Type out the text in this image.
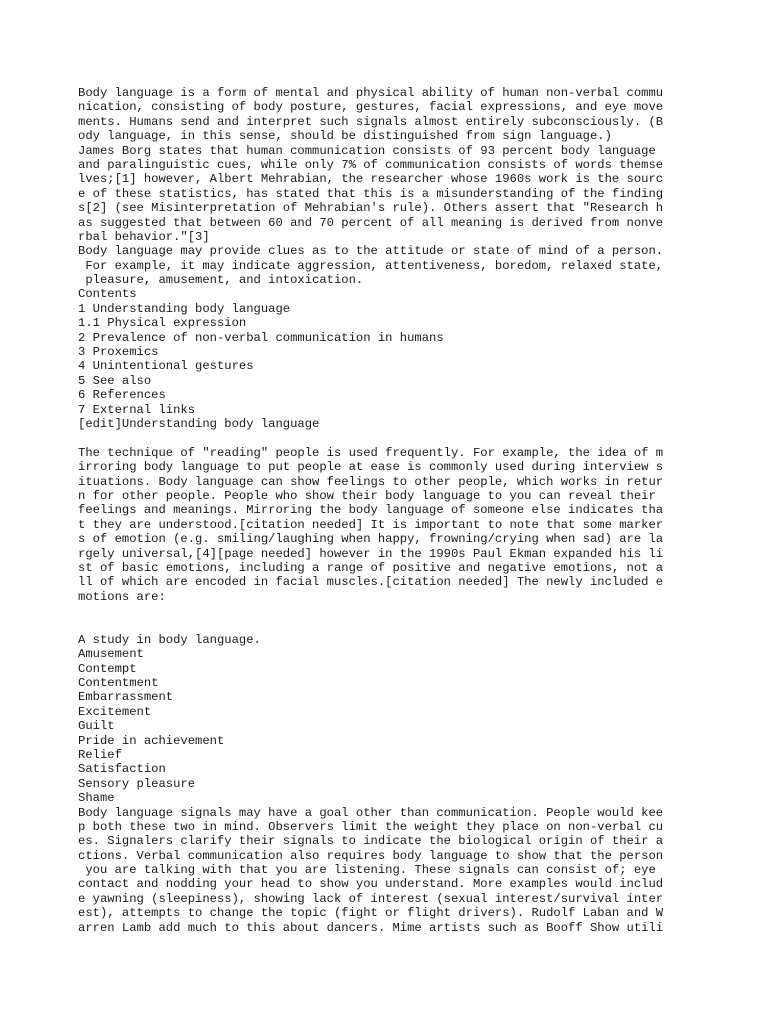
Body language is a form of mental and physical ability of human non-verbal commu
nication, consisting of body posture, gestures, facial expressions, and eye move
ments. Humans send and interpret such signals almost entirely subconsciously. (B
ody language, in this sense, should be distinguished from sign language.)
James Borg states that human communication consists of 93 percent body language
and paralinguistic cues, while only 7% of communication consists of words themse
lves;[1] however, Albert Mehrabian, the researcher whose 1960s work is the sourc
e of these statistics, has stated that this is a misunderstanding of the finding
s[2] (see Misinterpretation of Mehrabian's rule). Others assert that "Research h
as suggested that between 60 and 70 percent of all meaning is derived from nonve
rbal behavior."[3]
Body language may provide clues as to the attitude or state of mind of a person.
For example, it may indicate aggression, attentiveness, boredom, relaxed state,
pleasure, amusement, and intoxication.
Contents
1 Understanding body language
1.1 Physical expression
2 Prevalence of non-verbal communication in humans
3 Proxemics
4 Unintentional gestures
5 See also
6 References
7 External links
[edit]Understanding body language
The technique of "reading" people is used frequently. For example, the idea of m
irroring body language to put people at ease is commonly used during interview s
ituations. Body language can show feelings to other people, which works in retur
n for other people. People who show their body language to you can reveal their
feelings and meanings. Mirroring the body language of someone else indicates tha
t they are understood.[citation needed] It is important to note that some marker
s of emotion (e.g. smiling/laughing when happy, frowning/crying when sad) are la
rgely universal,[4][page needed] however in the 1990s Paul Ekman expanded his li
st of basic emotions, including a range of positive and negative emotions, not a
ll of which are encoded in facial muscles.[citation needed] The newly included e
motions are:
A study in body language.
Amusement
Contempt
Contentment
Embarrassment
Excitement
Guilt
Pride in achievement
Relief
Satisfaction
Sensory pleasure
Shame
Body language signals may have a goal other than communication. People would kee
p both these two in mind. Observers limit the weight they place on non-verbal cu
es. Signalers clarify their signals to indicate the biological origin of their a
ctions. Verbal communication also requires body language to show that the person
you are talking with that you are listening. These signals can consist of; eye
contact and nodding your head to show you understand. More examples would includ
e yawning (sleepiness), showing lack of interest (sexual interest/survival inter
est), attempts to change the topic (fight or flight drivers). Rudolf Laban and W
arren Lamb add much to this about dancers. Mime artists such as Booff Show utili
